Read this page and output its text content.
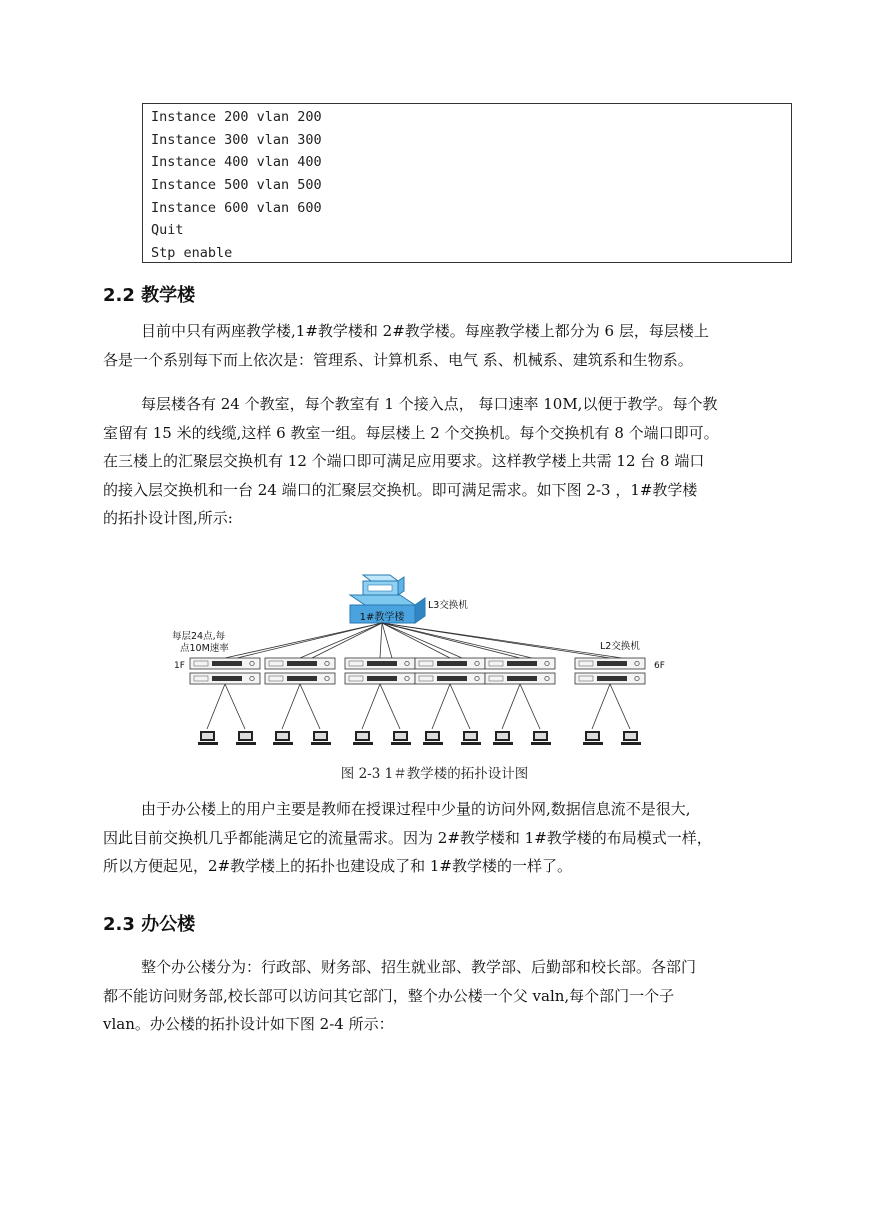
Instance 200 vlan 200
Instance 300 vlan 300
Instance 400 vlan 400
Instance 500 vlan 500
Instance 600 vlan 600
Quit
Stp enable
2.2 教学楼
目前中只有两座教学楼,1#教学楼和 2#教学楼。每座教学楼上都分为 6 层，每层楼上
各是一个系别每下而上依次是：管理系、计算机系、电气 系、机械系、建筑系和生物系。
每层楼各有 24 个教室，每个教室有 1 个接入点， 每口速率 10M,以便于教学。每个教
室留有 15 米的线缆,这样 6 教室一组。每层楼上 2 个交换机。每个交换机有 8 个端口即可。
在三楼上的汇聚层交换机有 12 个端口即可满足应用要求。这样教学楼上共需 12 台 8 端口
的接入层交换机和一台 24 端口的汇聚层交换机。即可满足需求。如下图 2-3 ，1#教学楼
的拓扑设计图,所示:
1#教学楼
L3交换机
L2交换机
每层24点,每
点10M速率
1F	6F
图 2-3 1＃教学楼的拓扑设计图
由于办公楼上的用户主要是教师在授课过程中少量的访问外网,数据信息流不是很大,
因此目前交换机几乎都能满足它的流量需求。因为 2#教学楼和 1#教学楼的布局模式一样，
所以方便起见，2#教学楼上的拓扑也建设成了和 1#教学楼的一样了。
2.3 办公楼
整个办公楼分为：行政部、财务部、招生就业部、教学部、后勤部和校长部。各部门
都不能访问财务部,校长部可以访问其它部门，整个办公楼一个父 valn,每个部门一个子
vlan。办公楼的拓扑设计如下图 2-4 所示：
